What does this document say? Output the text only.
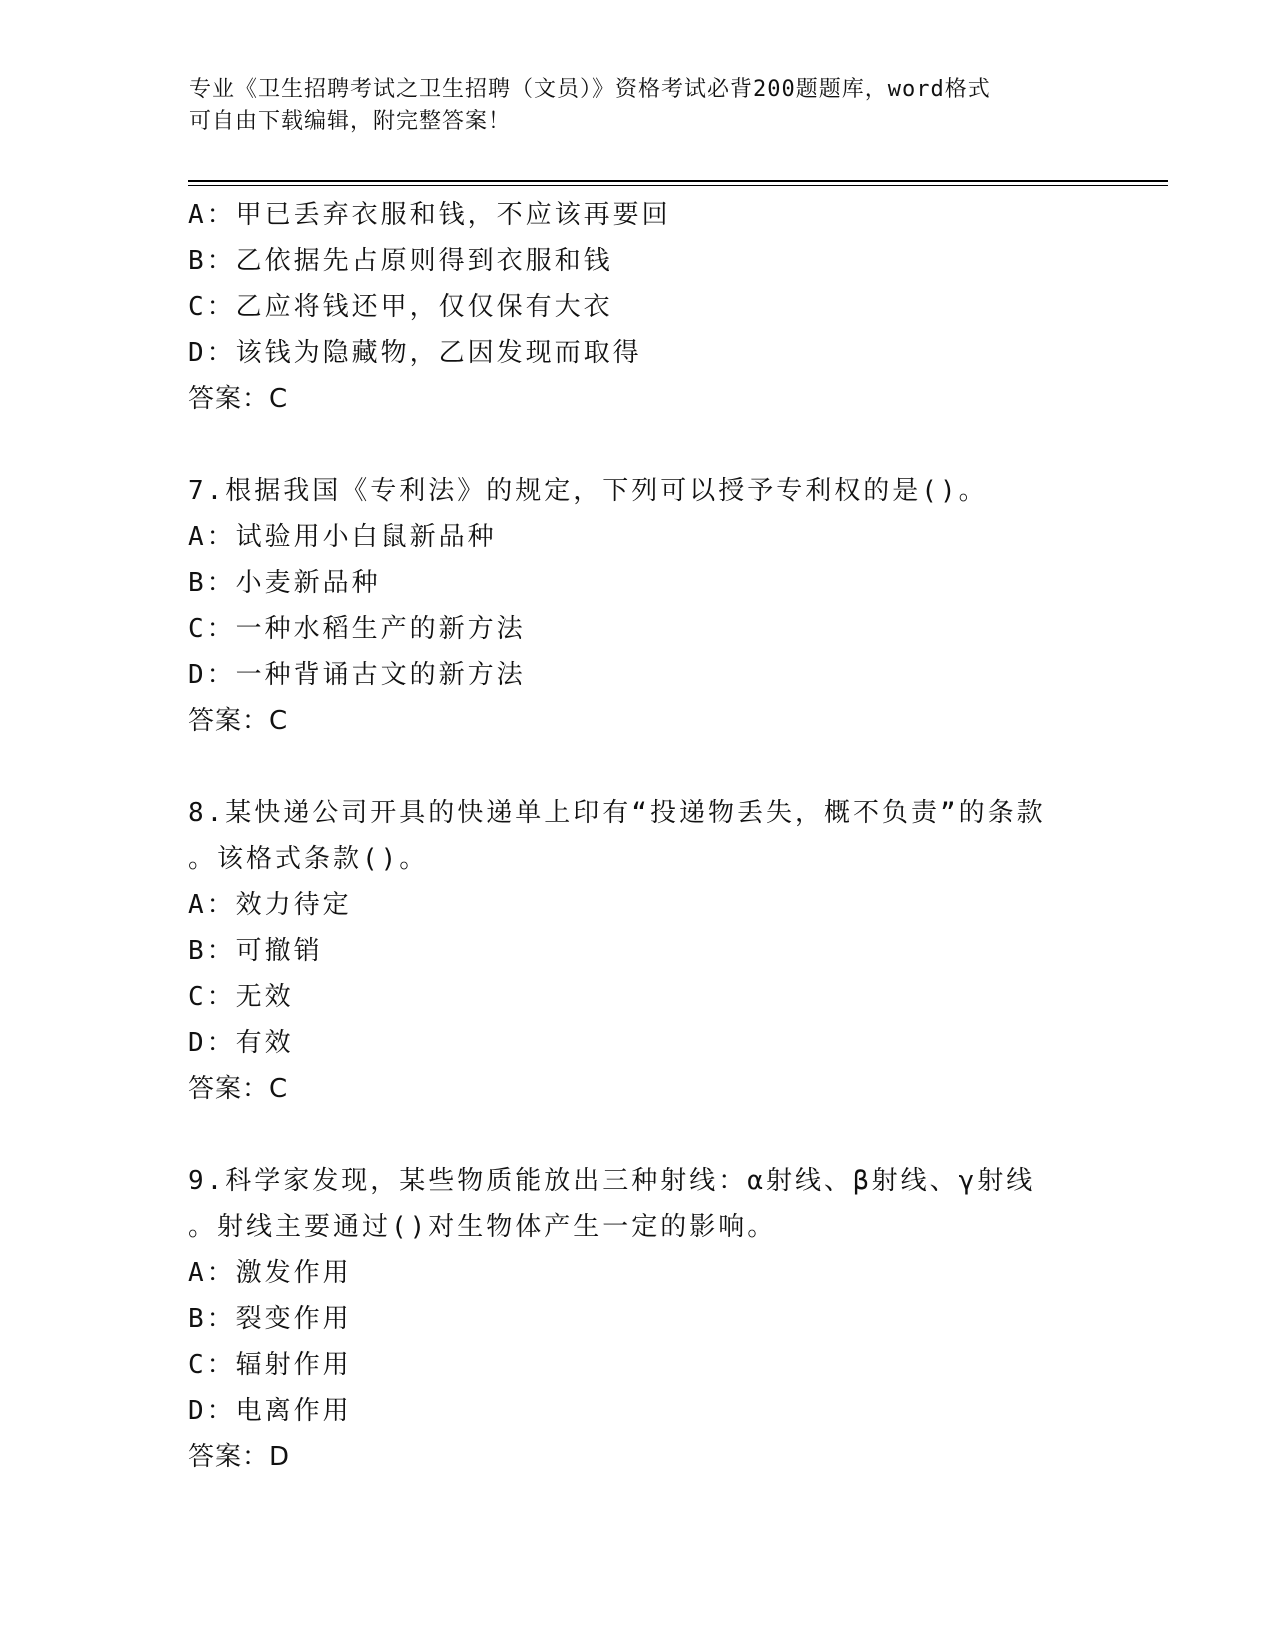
专业《卫生招聘考试之卫生招聘（文员）》资格考试必背200题题库，word格式
可自由下载编辑，附完整答案！
A：甲已丢弃衣服和钱，不应该再要回
B：乙依据先占原则得到衣服和钱
C：乙应将钱还甲，仅仅保有大衣
D：该钱为隐藏物，乙因发现而取得
答案：C
7.根据我国《专利法》的规定，下列可以授予专利权的是()。
A：试验用小白鼠新品种
B：小麦新品种
C：一种水稻生产的新方法
D：一种背诵古文的新方法
答案：C
8.某快递公司开具的快递单上印有“投递物丢失，概不负责”的条款
。该格式条款()。
A：效力待定
B：可撤销
C：无效
D：有效
答案：C
9.科学家发现，某些物质能放出三种射线：α射线、β射线、γ射线
。射线主要通过()对生物体产生一定的影响。
A：激发作用
B：裂变作用
C：辐射作用
D：电离作用
答案：D
